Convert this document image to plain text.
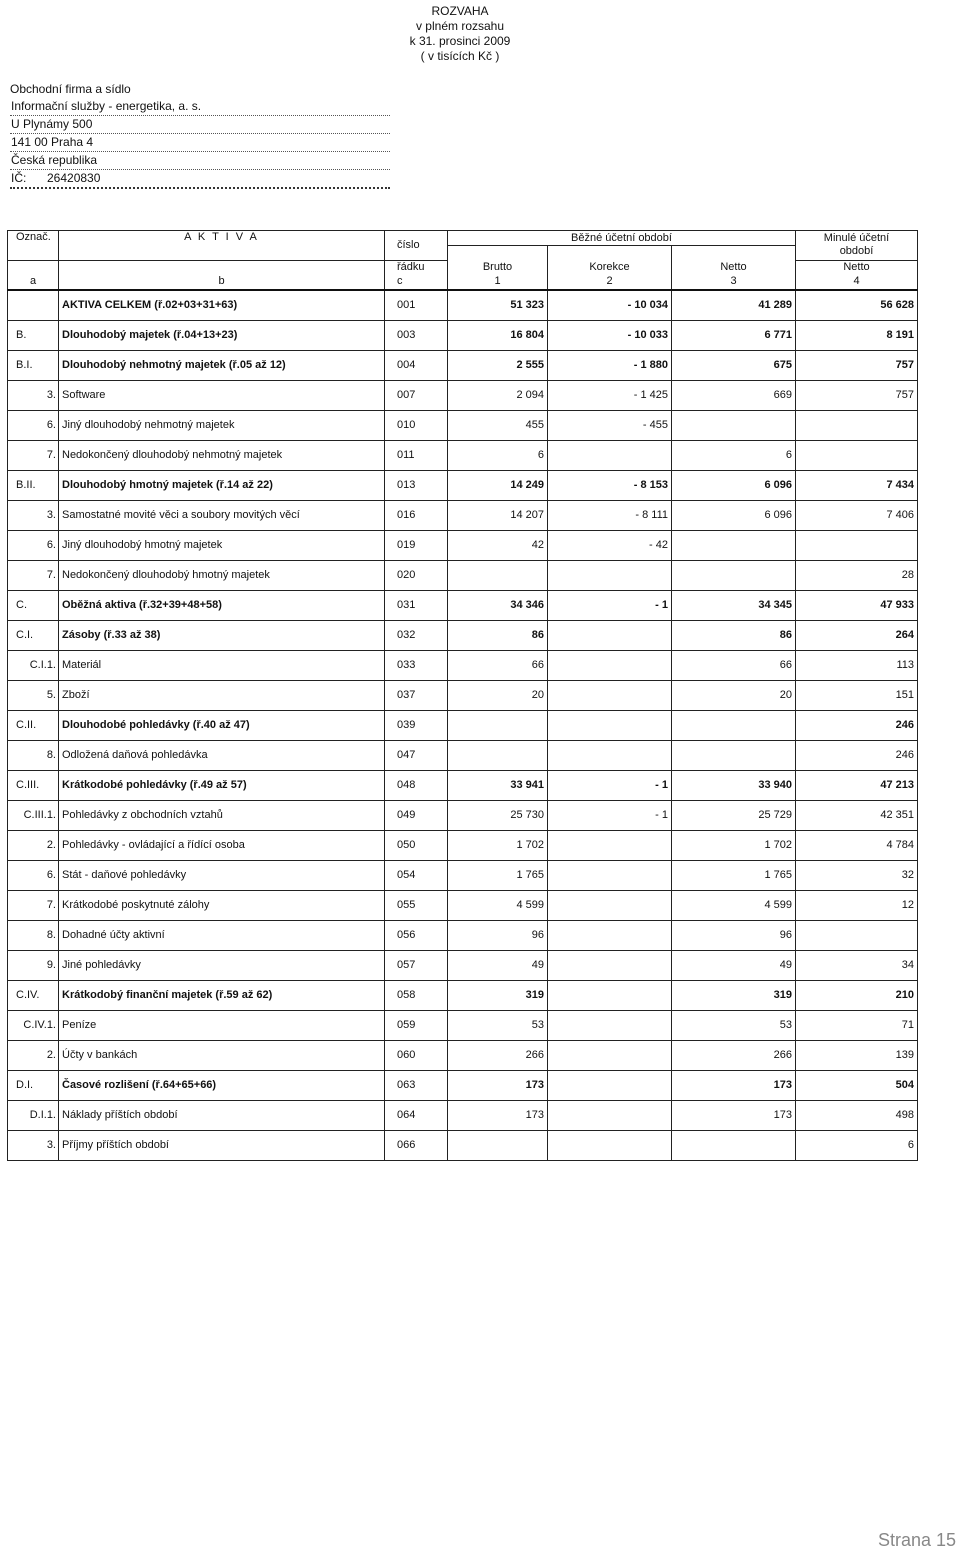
ROZVAHA
v plném rozsahu
k 31. prosinci 2009
( v tisících Kč )
Obchodní firma a sídlo
Informační služby - energetika, a. s.
U Plynámy 500
141 00 Praha 4
Česká republika
IČ: 26420830
Označ.	A K T I V A	číslo	Běžné účetní období			Minulé účetní
období

		řádku	Brutto	Korekce	Netto	Netto
a	b	c	1	2	3	4
	AKTIVA CELKEM (ř.02+03+31+63)	001	51 323	- 10 034	41 289	56 628
B.	Dlouhodobý majetek (ř.04+13+23)	003	16 804	- 10 033	6 771	8 191
B.I.	Dlouhodobý nehmotný majetek (ř.05 až 12)	004	2 555	- 1 880	675	757
3.	Software	007	2 094	- 1 425	669	757
6.	Jiný dlouhodobý nehmotný majetek	010	455	- 455		
7.	Nedokončený dlouhodobý nehmotný majetek	011	6		6	
B.II.	Dlouhodobý hmotný majetek (ř.14 až 22)	013	14 249	- 8 153	6 096	7 434
3.	Samostatné movité věci a soubory movitých věcí	016	14 207	- 8 111	6 096	7 406
6.	Jiný dlouhodobý hmotný majetek	019	42	- 42		
7.	Nedokončený dlouhodobý hmotný majetek	020				28
C.	Oběžná aktiva (ř.32+39+48+58)	031	34 346	- 1	34 345	47 933
C.I.	Zásoby (ř.33 až 38)	032	86		86	264
C.I.1.	Materiál	033	66		66	113
5.	Zboží	037	20		20	151
C.II.	Dlouhodobé pohledávky (ř.40 až 47)	039				246
8.	Odložená daňová pohledávka	047				246
C.III.	Krátkodobé pohledávky (ř.49 až 57)	048	33 941	- 1	33 940	47 213
C.III.1.	Pohledávky z obchodních vztahů	049	25 730	- 1	25 729	42 351
2.	Pohledávky - ovládající a řídící osoba	050	1 702		1 702	4 784
6.	Stát - daňové pohledávky	054	1 765		1 765	32
7.	Krátkodobé poskytnuté zálohy	055	4 599		4 599	12
8.	Dohadné účty aktivní	056	96		96	
9.	Jiné pohledávky	057	49		49	34
C.IV.	Krátkodobý finanční majetek (ř.59 až 62)	058	319		319	210
C.IV.1.	Peníze	059	53		53	71
2.	Účty v bankách	060	266		266	139
D.I.	Časové rozlišení (ř.64+65+66)	063	173		173	504
D.I.1.	Náklady příštích období	064	173		173	498
3.	Příjmy příštích období	066				6
Strana 15
